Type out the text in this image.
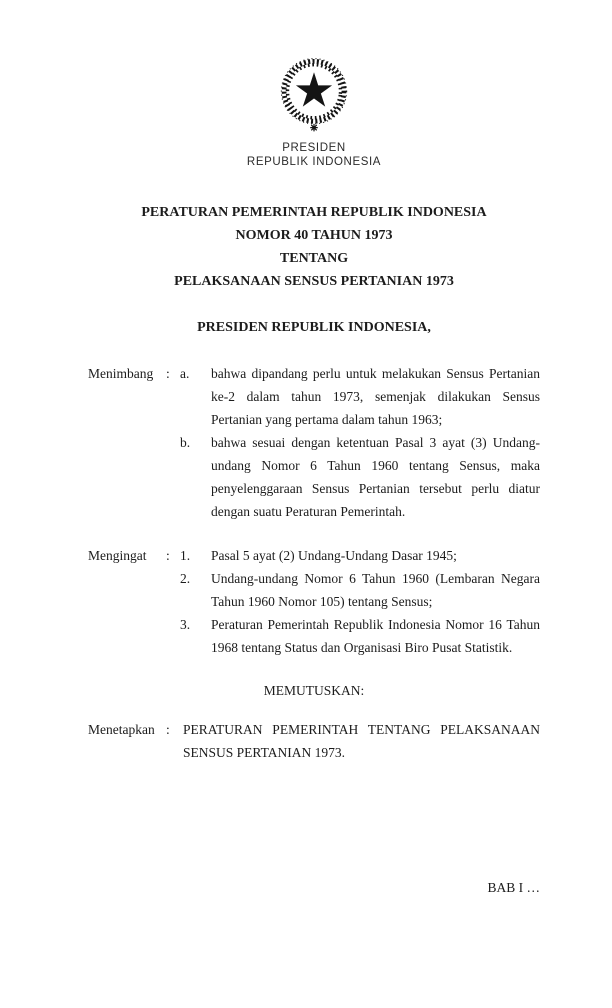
PRESIDEN
REPUBLIK INDONESIA
PERATURAN PEMERINTAH REPUBLIK INDONESIA
NOMOR 40 TAHUN 1973
TENTANG
PELAKSANAAN SENSUS PERTANIAN 1973
PRESIDEN REPUBLIK INDONESIA,
Menimbang : a.	bahwa dipandang perlu untuk melakukan Sensus Pertanian ke-2 dalam tahun 1973, semenjak dilakukan Sensus Pertanian yang pertama dalam tahun 1963;
b.	bahwa sesuai dengan ketentuan Pasal 3 ayat (3) Undang-undang Nomor 6 Tahun 1960 tentang Sensus, maka penyelenggaraan Sensus Pertanian tersebut perlu diatur dengan suatu Peraturan Pemerintah.
Mengingat	: 1.	Pasal 5 ayat (2) Undang-Undang Dasar 1945;
2.	Undang-undang Nomor 6 Tahun 1960 (Lembaran Negara Tahun 1960 Nomor 105) tentang Sensus;
3.	Peraturan Pemerintah Republik Indonesia Nomor 16 Tahun 1968 tentang Status dan Organisasi Biro Pusat Statistik.
MEMUTUSKAN:
Menetapkan : PERATURAN PEMERINTAH TENTANG PELAKSANAAN SENSUS PERTANIAN 1973.
BAB I …
